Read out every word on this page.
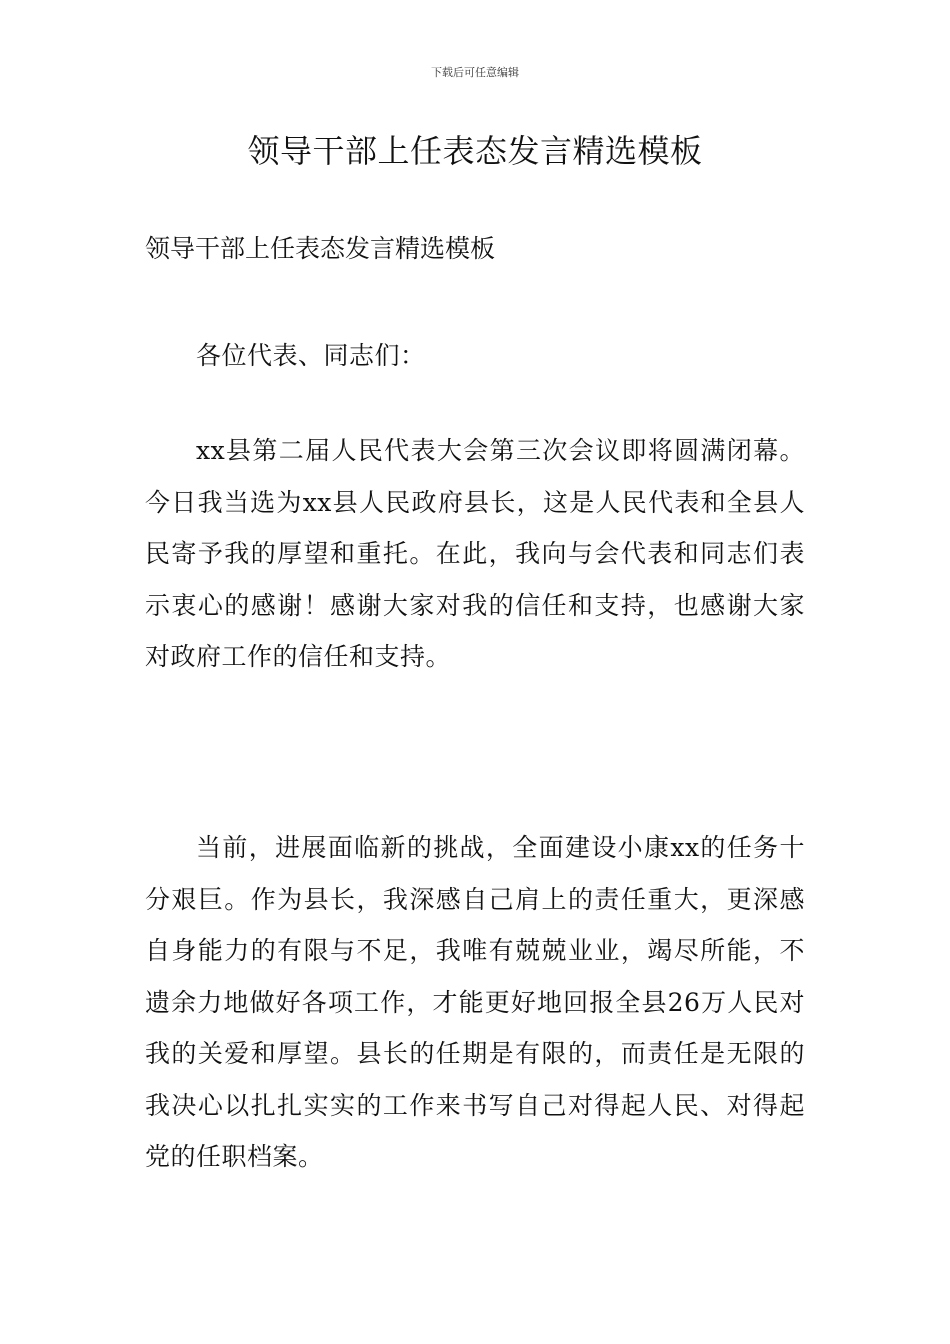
下载后可任意编辑
领导干部上任表态发言精选模板
领导干部上任表态发言精选模板
各位代表、同志们：
xx县第二届人民代表大会第三次会议即将圆满闭幕。今日我当选为xx县人民政府县长，这是人民代表和全县人民寄予我的厚望和重托。在此，我向与会代表和同志们表示衷心的感谢！感谢大家对我的信任和支持，也感谢大家对政府工作的信任和支持。
当前，进展面临新的挑战，全面建设小康xx的任务十分艰巨。作为县长，我深感自己肩上的责任重大，更深感自身能力的有限与不足，我唯有兢兢业业，竭尽所能，不遗余力地做好各项工作，才能更好地回报全县26万人民对我的关爱和厚望。县长的任期是有限的，而责任是无限的我决心以扎扎实实的工作来书写自己对得起人民、对得起党的任职档案。
